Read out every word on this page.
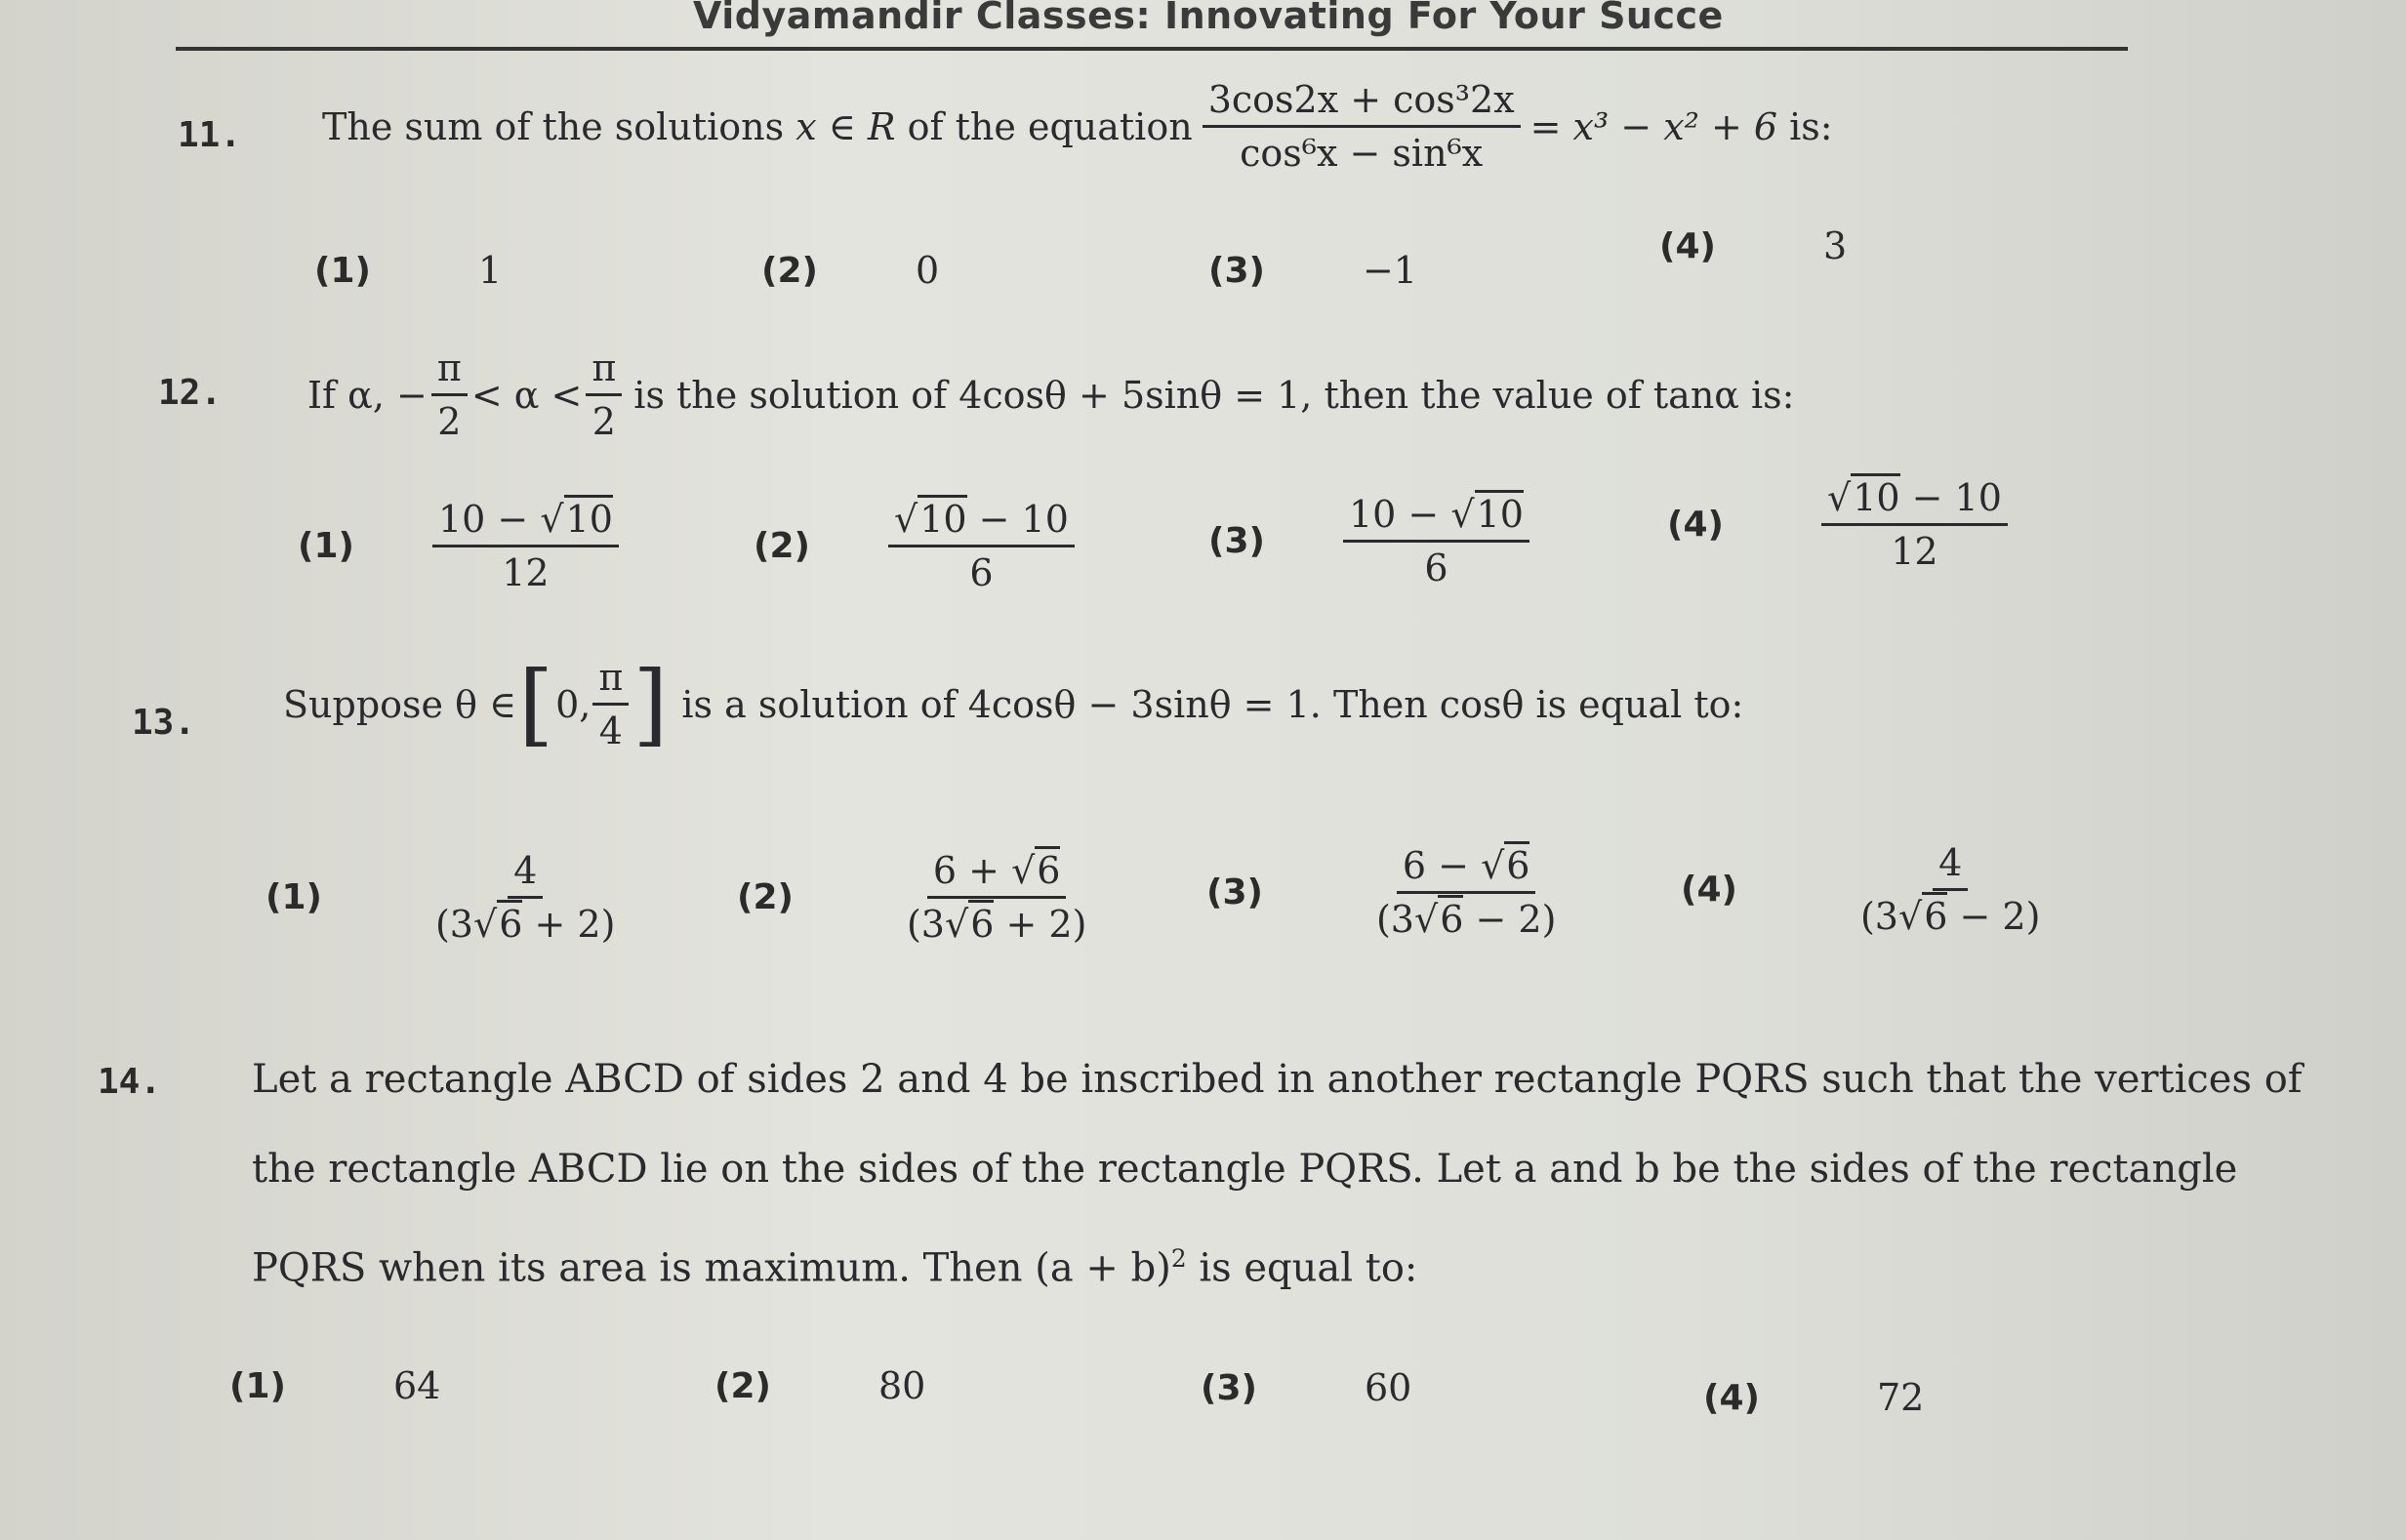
Vidyamandir Classes: Innovating For Your Succe
11. The sum of the solutions
x ∈ R
of the equation $\frac{\text{3cos2x + cos³2x}}{\text{cos⁶x − sin⁶x}} = x^3 - x^2 + 6$
is:
(1)	1	(2)	0	(3)	−1
(4)	3
12. If α, − $\frac{\pi}{2} < \alpha < \frac{\pi}{2}$ is the solution of 4cosθ + 5sinθ = 1, then the value of tanα is:
$(1) \frac{10 - √10}{12}$	$(2) \frac{√10 - 10}{6}$	$(3) \frac{10 - √10}{6}$	(4)	$\frac{√10 - 10}{12}$
13. Suppose θ ∈ [ 0, $\frac{\pi}{4}$ ]
is a solution of 4cosθ − 3sinθ = 1. Then cosθ is equal to:
(1)	$\frac{4}{(3√6 + 2)}$	(2)	$\frac{6 + √6}{(3√6 + 2)}$	(3)	$\frac{6 - √6}{(3√6 - 2)}$	(4)	$\frac{4}{(3√6 - 2)}$
14. Let a rectangle ABCD of sides 2 and 4 be inscribed in another rectangle PQRS such that the vertices of
the rectangle ABCD lie on the sides of the rectangle PQRS. Let a and b be the sides of the rectangle
PQRS when its area is maximum. Then $(a + b)^2$ is equal to:
(1)	64	(2)	80	(3)	60	(4)	72
